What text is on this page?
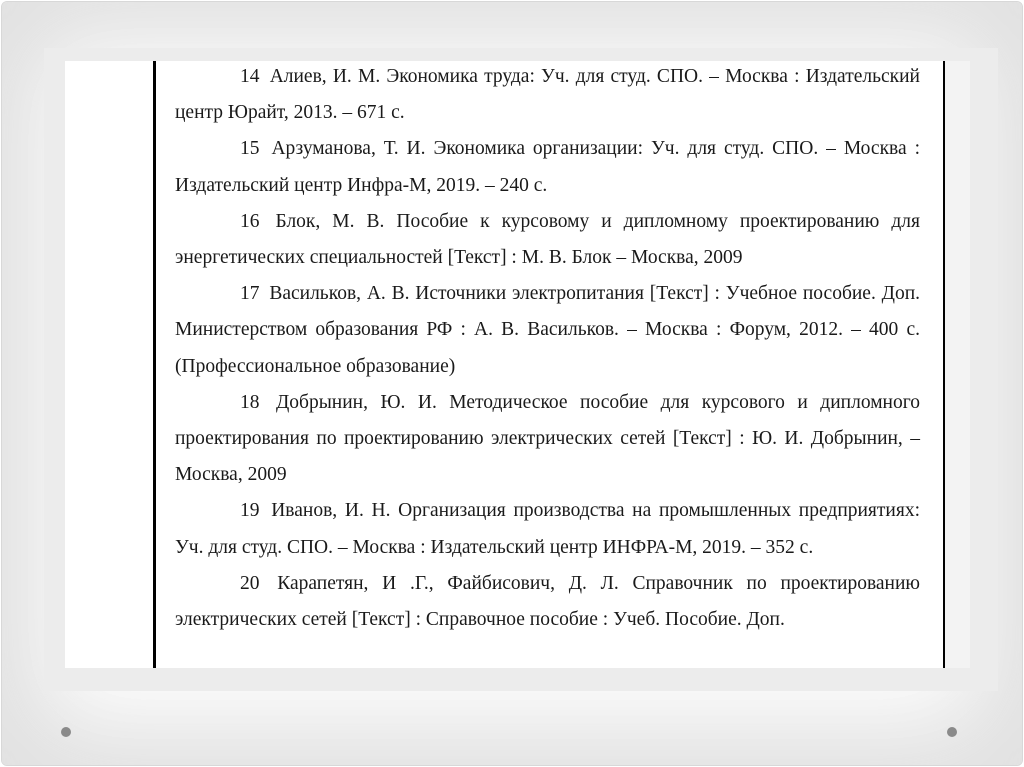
14 Алиев, И. М. Экономика труда: Уч. для студ. СПО. – Москва : Издательский центр Юрайт, 2013. – 671 с.

15 Арзуманова, Т. И. Экономика организации: Уч. для студ. СПО. – Москва : Издательский центр Инфра-М, 2019. – 240 с.

16 Блок, М. В. Пособие к курсовому и дипломному проектированию для энергетических специальностей [Текст] : М. В. Блок – Москва, 2009

17 Васильков, А. В. Источники электропитания [Текст] : Учебное пособие. Доп. Министерством образования РФ : А. В. Васильков. – Москва : Форум, 2012. – 400 с. (Профессиональное образование)

18 Добрынин, Ю. И. Методическое пособие для курсового и дипломного проектирования по проектированию электрических сетей [Текст] : Ю. И. Добрынин, – Москва, 2009

19 Иванов, И. Н. Организация производства на промышленных предприятиях: Уч. для студ. СПО. – Москва : Издательский центр ИНФРА-М, 2019. – 352 с.

20 Карапетян, И .Г., Файбисович, Д. Л. Справочник по проектированию электрических сетей [Текст] : Справочное пособие : Учеб. Пособие. Доп.
